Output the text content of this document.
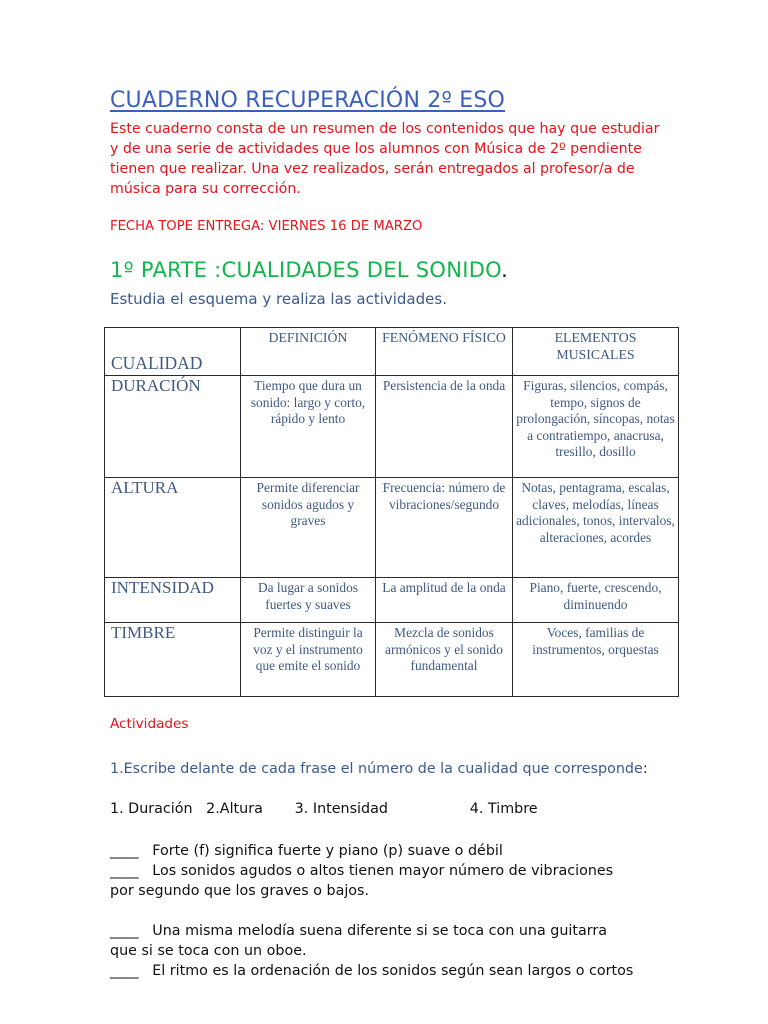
CUADERNO RECUPERACIÓN 2º ESO
Este cuaderno consta de un resumen de los contenidos que hay que estudiar
y de una serie de actividades que los alumnos con Música de 2º pendiente
tienen que realizar. Una vez realizados, serán entregados al profesor/a de
música para su corrección.

FECHA TOPE ENTREGA: VIERNES 16 DE MARZO

1º PARTE :CUALIDADES DEL SONIDO.

Estudia el esquema y realiza las actividades.

CUALIDAD	DEFINICIÓN	FENÓMENO FÍSICO	ELEMENTOS MUSICALES
DURACIÓN	Tiempo que dura un sonido: largo y corto, rápido y lento	Persistencia de la onda	Figuras, silencios, compás, tempo, signos de prolongación, síncopas, notas a contratiempo, anacrusa, tresillo, dosillo
ALTURA	Permite diferenciar sonidos agudos y graves	Frecuencia: número de vibraciones/segundo	Notas, pentagrama, escalas, claves, melodías, líneas adicionales, tonos, intervalos, alteraciones, acordes
INTENSIDAD	Da lugar a sonidos fuertes y suaves	La amplitud de la onda	Piano, fuerte, crescendo, diminuendo
TIMBRE	Permite distinguir la voz y el instrumento que emite el sonido	Mezcla de sonidos armónicos y el sonido fundamental	Voces, familias de instrumentos, orquestas

Actividades

1.Escribe delante de cada frase el número de la cualidad que corresponde:

1. Duración   2.Altura       3. Intensidad                  4. Timbre

____ Forte (f) significa fuerte y piano (p) suave o débil

____ Los sonidos agudos o altos tienen mayor número de vibraciones
por segundo que los graves o bajos.

____ Una misma melodía suena diferente si se toca con una guitarra
que si se toca con un oboe.

____ El ritmo es la ordenación de los sonidos según sean largos o cortos
